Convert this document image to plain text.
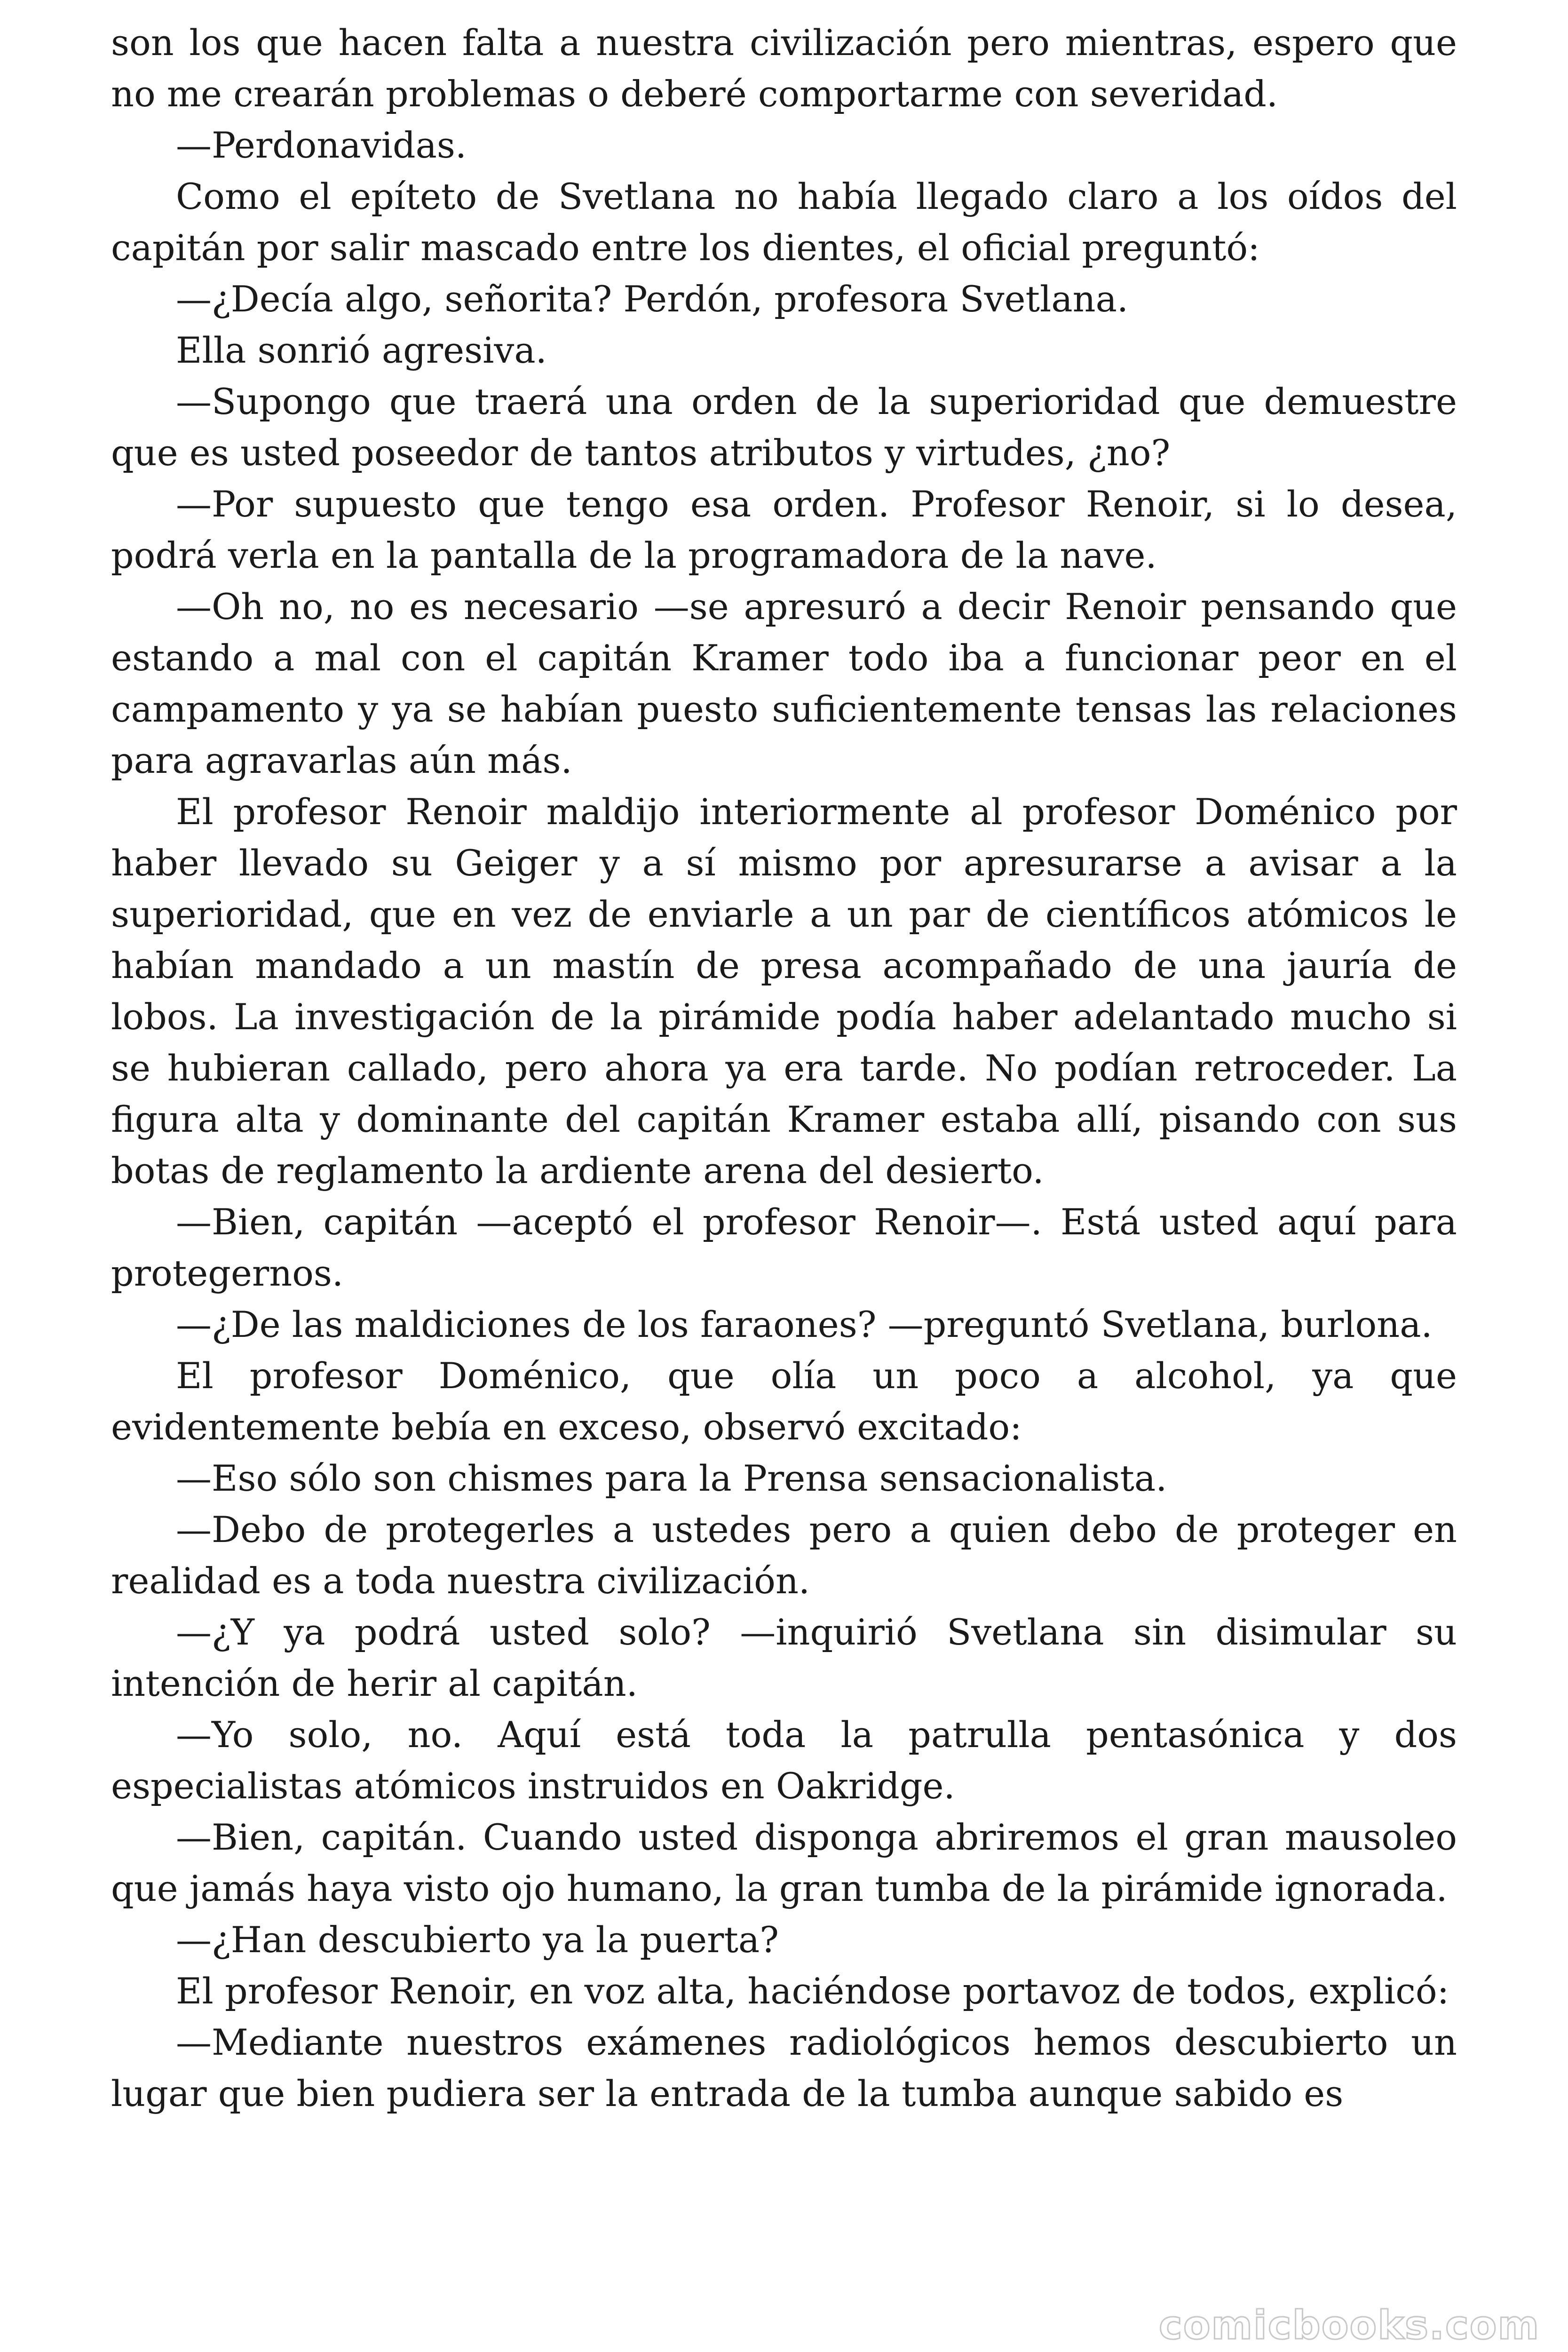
son los que hacen falta a nuestra civilización pero mientras, espero que no me crearán problemas o deberé comportarme con severidad.

—Perdonavidas.

Como el epíteto de Svetlana no había llegado claro a los oídos del capitán por salir mascado entre los dientes, el oficial preguntó:

—¿Decía algo, señorita? Perdón, profesora Svetlana.

Ella sonrió agresiva.

—Supongo que traerá una orden de la superioridad que demuestre que es usted poseedor de tantos atributos y virtudes, ¿no?

—Por supuesto que tengo esa orden. Profesor Renoir, si lo desea, podrá verla en la pantalla de la programadora de la nave.

—Oh no, no es necesario —se apresuró a decir Renoir pensando que estando a mal con el capitán Kramer todo iba a funcionar peor en el campamento y ya se habían puesto suficientemente tensas las relaciones para agravarlas aún más.

El profesor Renoir maldijo interiormente al profesor Doménico por haber llevado su Geiger y a sí mismo por apresurarse a avisar a la superioridad, que en vez de enviarle a un par de científicos atómicos le habían mandado a un mastín de presa acompañado de una jauría de lobos. La investigación de la pirámide podía haber adelantado mucho si se hubieran callado, pero ahora ya era tarde. No podían retroceder. La figura alta y dominante del capitán Kramer estaba allí, pisando con sus botas de reglamento la ardiente arena del desierto.

—Bien, capitán —aceptó el profesor Renoir—. Está usted aquí para protegernos.

—¿De las maldiciones de los faraones? —preguntó Svetlana, burlona.

El profesor Doménico, que olía un poco a alcohol, ya que evidentemente bebía en exceso, observó excitado:

—Eso sólo son chismes para la Prensa sensacionalista.

—Debo de protegerles a ustedes pero a quien debo de proteger en realidad es a toda nuestra civilización.

—¿Y ya podrá usted solo? —inquirió Svetlana sin disimular su intención de herir al capitán.

—Yo solo, no. Aquí está toda la patrulla pentasónica y dos especialistas atómicos instruidos en Oakridge.

—Bien, capitán. Cuando usted disponga abriremos el gran mausoleo que jamás haya visto ojo humano, la gran tumba de la pirámide ignorada.

—¿Han descubierto ya la puerta?

El profesor Renoir, en voz alta, haciéndose portavoz de todos, explicó:

—Mediante nuestros exámenes radiológicos hemos descubierto un lugar que bien pudiera ser la entrada de la tumba aunque sabido es

comicbooks.com
